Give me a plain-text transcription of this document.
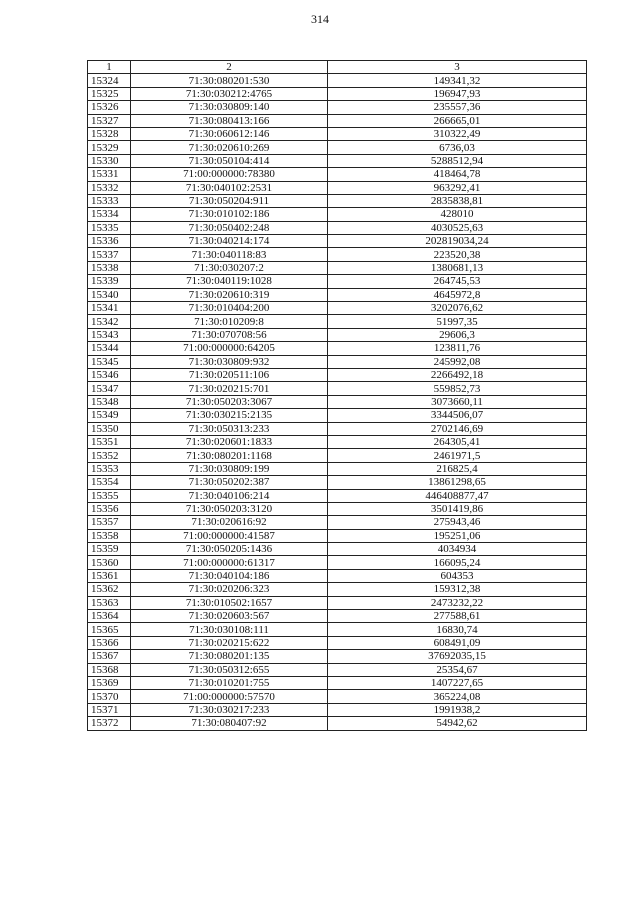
314
1	2	3
15324	71:30:080201:530	149341,32
15325	71:30:030212:4765	196947,93
15326	71:30:030809:140	235557,36
15327	71:30:080413:166	266665,01
15328	71:30:060612:146	310322,49
15329	71:30:020610:269	6736,03
15330	71:30:050104:414	5288512,94
15331	71:00:000000:78380	418464,78
15332	71:30:040102:2531	963292,41
15333	71:30:050204:911	2835838,81
15334	71:30:010102:186	428010
15335	71:30:050402:248	4030525,63
15336	71:30:040214:174	202819034,24
15337	71:30:040118:83	223520,38
15338	71:30:030207:2	1380681,13
15339	71:30:040119:1028	264745,53
15340	71:30:020610:319	4645972,8
15341	71:30:010404:200	3202076,62
15342	71:30:010209:8	51997,35
15343	71:30:070708:56	29606,3
15344	71:00:000000:64205	123811,76
15345	71:30:030809:932	245992,08
15346	71:30:020511:106	2266492,18
15347	71:30:020215:701	559852,73
15348	71:30:050203:3067	3073660,11
15349	71:30:030215:2135	3344506,07
15350	71:30:050313:233	2702146,69
15351	71:30:020601:1833	264305,41
15352	71:30:080201:1168	2461971,5
15353	71:30:030809:199	216825,4
15354	71:30:050202:387	13861298,65
15355	71:30:040106:214	446408877,47
15356	71:30:050203:3120	3501419,86
15357	71:30:020616:92	275943,46
15358	71:00:000000:41587	195251,06
15359	71:30:050205:1436	4034934
15360	71:00:000000:61317	166095,24
15361	71:30:040104:186	604353
15362	71:30:020206:323	159312,38
15363	71:30:010502:1657	2473232,22
15364	71:30:020603:567	277588,61
15365	71:30:030108:111	16830,74
15366	71:30:020215:622	608491,09
15367	71:30:080201:135	37692035,15
15368	71:30:050312:655	25354,67
15369	71:30:010201:755	1407227,65
15370	71:00:000000:57570	365224,08
15371	71:30:030217:233	1991938,2
15372	71:30:080407:92	54942,62
